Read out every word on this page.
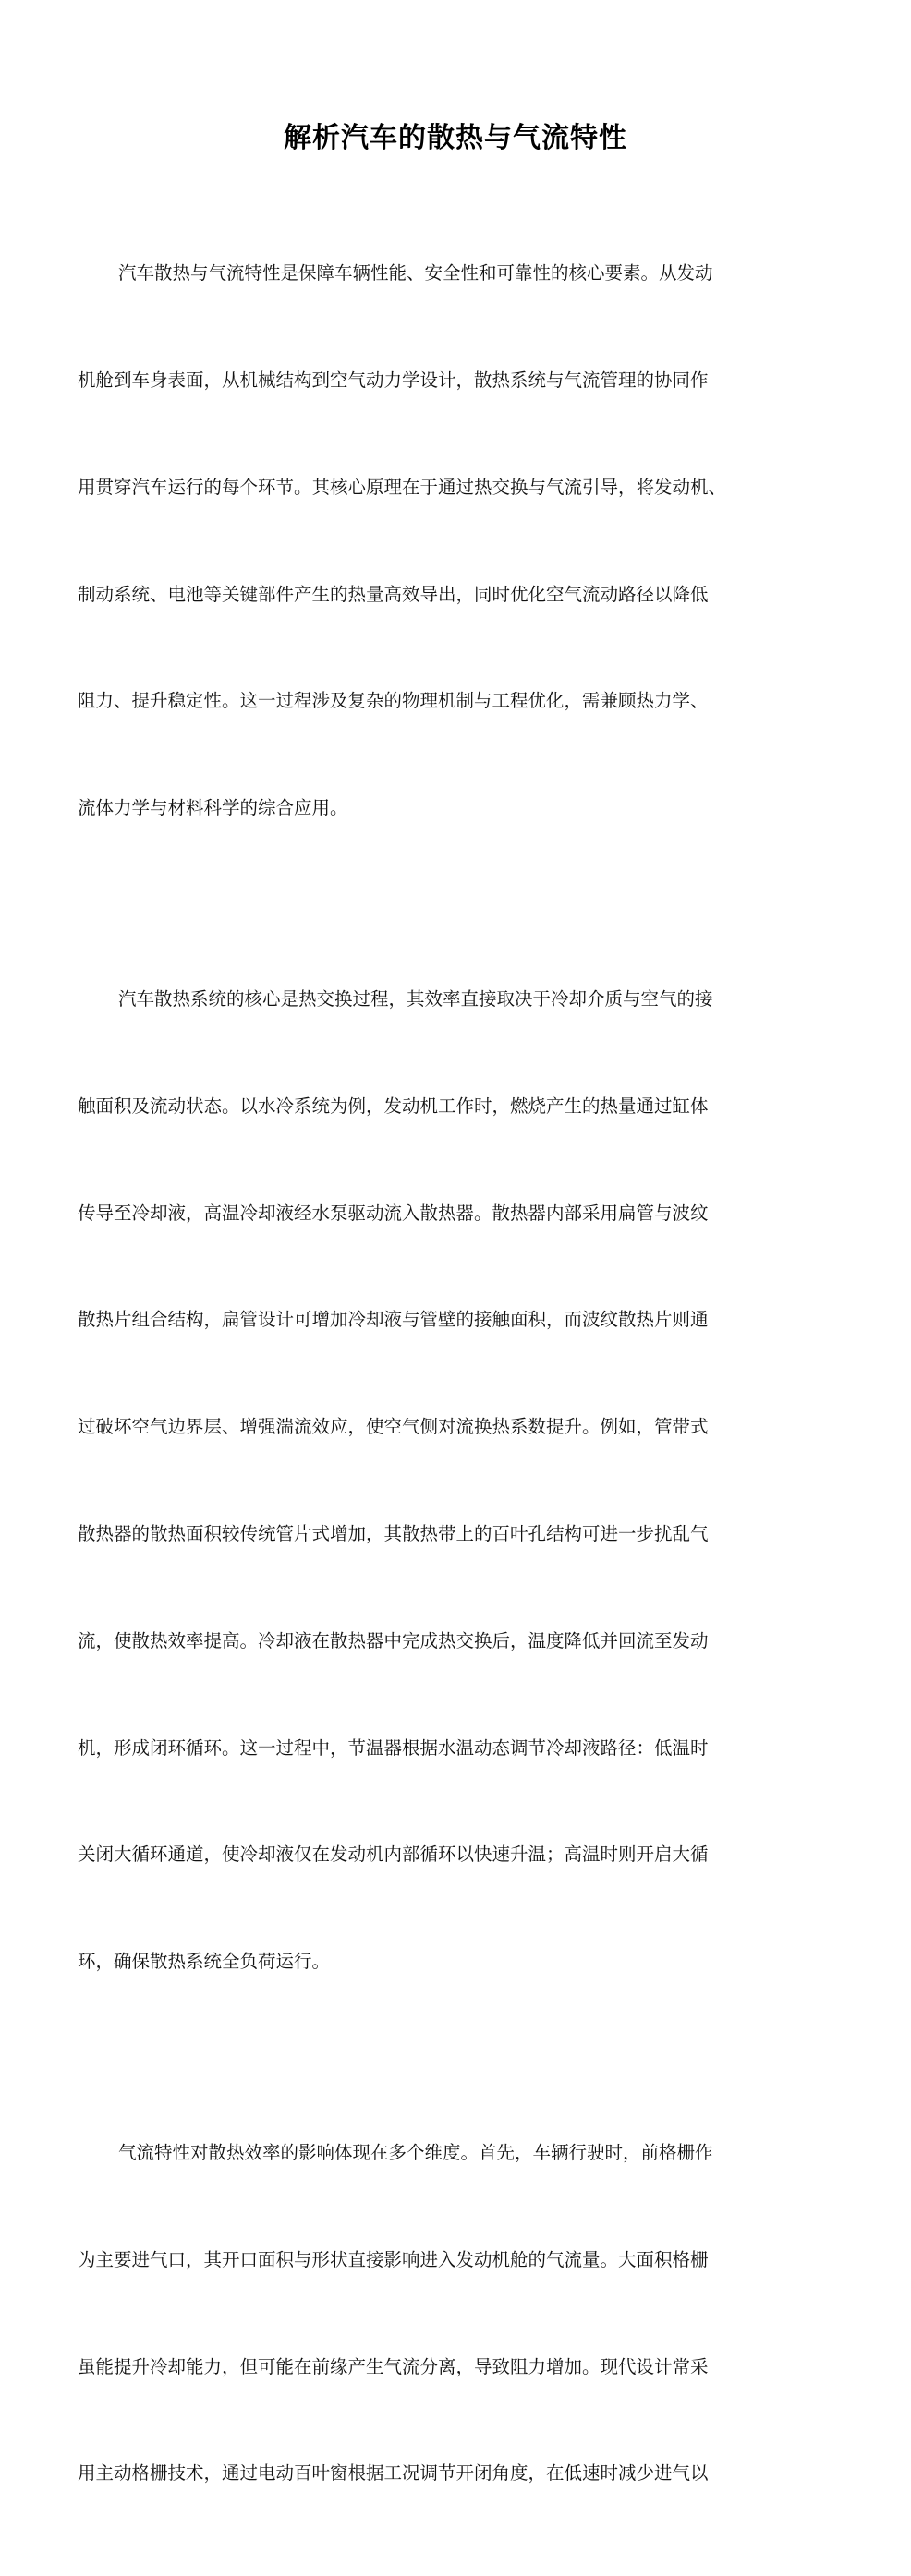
解析汽车的散热与气流特性

汽车散热与气流特性是保障车辆性能、安全性和可靠性的核心要素。从发动

机舱到车身表面，从机械结构到空气动力学设计，散热系统与气流管理的协同作

用贯穿汽车运行的每个环节。其核心原理在于通过热交换与气流引导，将发动机、

制动系统、电池等关键部件产生的热量高效导出，同时优化空气流动路径以降低

阻力、提升稳定性。这一过程涉及复杂的物理机制与工程优化，需兼顾热力学、

流体力学与材料科学的综合应用。

汽车散热系统的核心是热交换过程，其效率直接取决于冷却介质与空气的接

触面积及流动状态。以水冷系统为例，发动机工作时，燃烧产生的热量通过缸体

传导至冷却液，高温冷却液经水泵驱动流入散热器。散热器内部采用扁管与波纹

散热片组合结构，扁管设计可增加冷却液与管壁的接触面积，而波纹散热片则通

过破坏空气边界层、增强湍流效应，使空气侧对流换热系数提升。例如，管带式

散热器的散热面积较传统管片式增加，其散热带上的百叶孔结构可进一步扰乱气

流，使散热效率提高。冷却液在散热器中完成热交换后，温度降低并回流至发动

机，形成闭环循环。这一过程中，节温器根据水温动态调节冷却液路径：低温时

关闭大循环通道，使冷却液仅在发动机内部循环以快速升温；高温时则开启大循

环，确保散热系统全负荷运行。

气流特性对散热效率的影响体现在多个维度。首先，车辆行驶时，前格栅作

为主要进气口，其开口面积与形状直接影响进入发动机舱的气流量。大面积格栅

虽能提升冷却能力，但可能在前缘产生气流分离，导致阻力增加。现代设计常采

用主动格栅技术，通过电动百叶窗根据工况调节开闭角度，在低速时减少进气以
